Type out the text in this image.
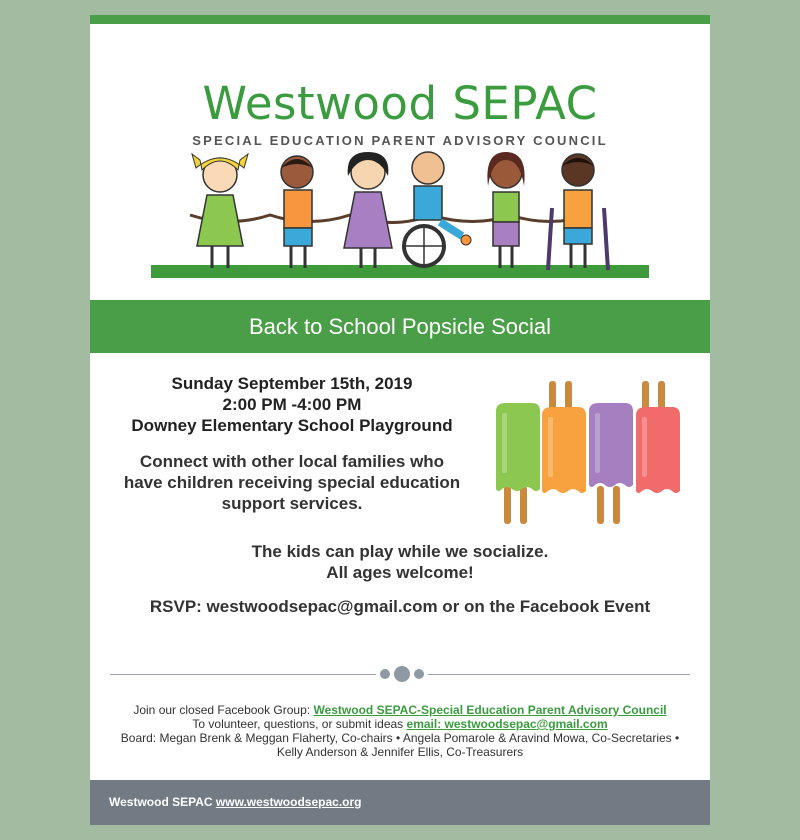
Westwood SEPAC
SPECIAL EDUCATION PARENT ADVISORY COUNCIL
Back to School Popsicle Social
Sunday September 15th, 2019
2:00 PM -4:00 PM
Downey Elementary School Playground
Connect with other local families who
have children receiving special education
support services.
The kids can play while we socialize.
All ages welcome!
RSVP: westwoodsepac@gmail.com or on the Facebook Event
Join our closed Facebook Group: Westwood SEPAC-Special Education Parent Advisory Council
To volunteer, questions, or submit ideas email: westwoodsepac@gmail.com
Board: Megan Brenk & Meggan Flaherty, Co-chairs • Angela Pomarole & Aravind Mowa, Co-Secretaries •
Kelly Anderson & Jennifer Ellis, Co-Treasurers
Westwood SEPAC www.westwoodsepac.org
